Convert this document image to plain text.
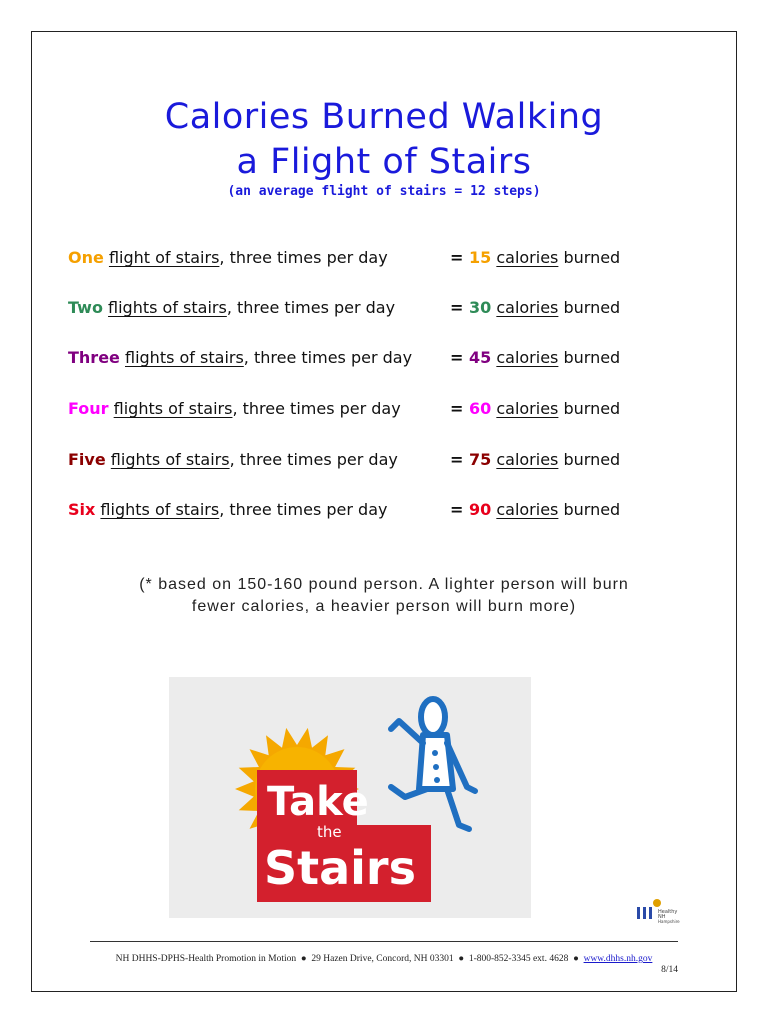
Calories Burned Walking
a Flight of Stairs
(an average flight of stairs = 12 steps)
One flight of stairs, three times per day	= 15 calories burned
Two flights of stairs, three times per day	= 30 calories burned
Three flights of stairs, three times per day = 45 calories burned
Four flights of stairs, three times per day	= 60 calories burned
Five flights of stairs, three times per day	= 75 calories burned
Six flights of stairs, three times per day	= 90 calories burned
(* based on 150-160 pound person. A lighter person will burn
fewer calories, a heavier person will burn more)
Take
the
Stairs
Healthy
NH
Hampshire
NH DHHS-DPHS-Health Promotion in Motion ● 29 Hazen Drive, Concord, NH 03301 ● 1-800-852-3345 ext. 4628 ● www.dhhs.nh.gov
8/14
